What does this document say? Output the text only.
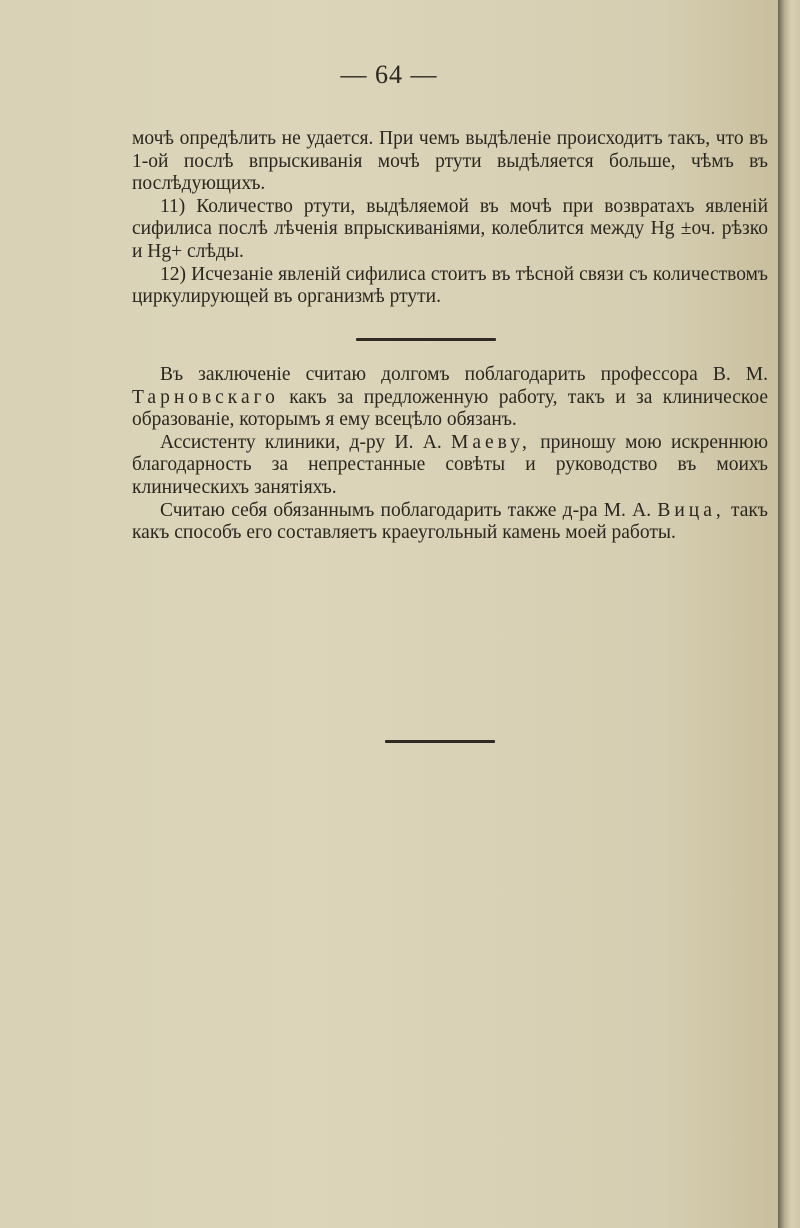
— 64 —

мочѣ опредѣлить не удается. При чемъ выдѣленіе происходитъ такъ, что въ 1-ой послѣ впрыскиванія мочѣ ртути выдѣляется больше, чѣмъ въ послѣдующихъ.

11) Количество ртути, выдѣляемой въ мочѣ при возвратахъ явленій сифилиса послѣ лѣченія впрыскиваніями, колеблится между Hg ±оч. рѣзко и Hg+ слѣды.

12) Исчезаніе явленій сифилиса стоитъ въ тѣсной связи съ количествомъ циркулирующей въ организмѣ ртути.

Въ заключеніе считаю долгомъ поблагодарить профессора В. М. Тарновскаго какъ за предложенную работу, такъ и за клиническое образованіе, которымъ я ему всецѣло обязанъ.

Ассистенту клиники, д-ру И. А. Маеву, приношу мою искреннюю благодарность за непрестанные совѣты и руководство въ моихъ клиническихъ занятіяхъ.

Считаю себя обязаннымъ поблагодарить также д-ра М. А. Вица, такъ какъ способъ его составляетъ краеугольный камень моей работы.
